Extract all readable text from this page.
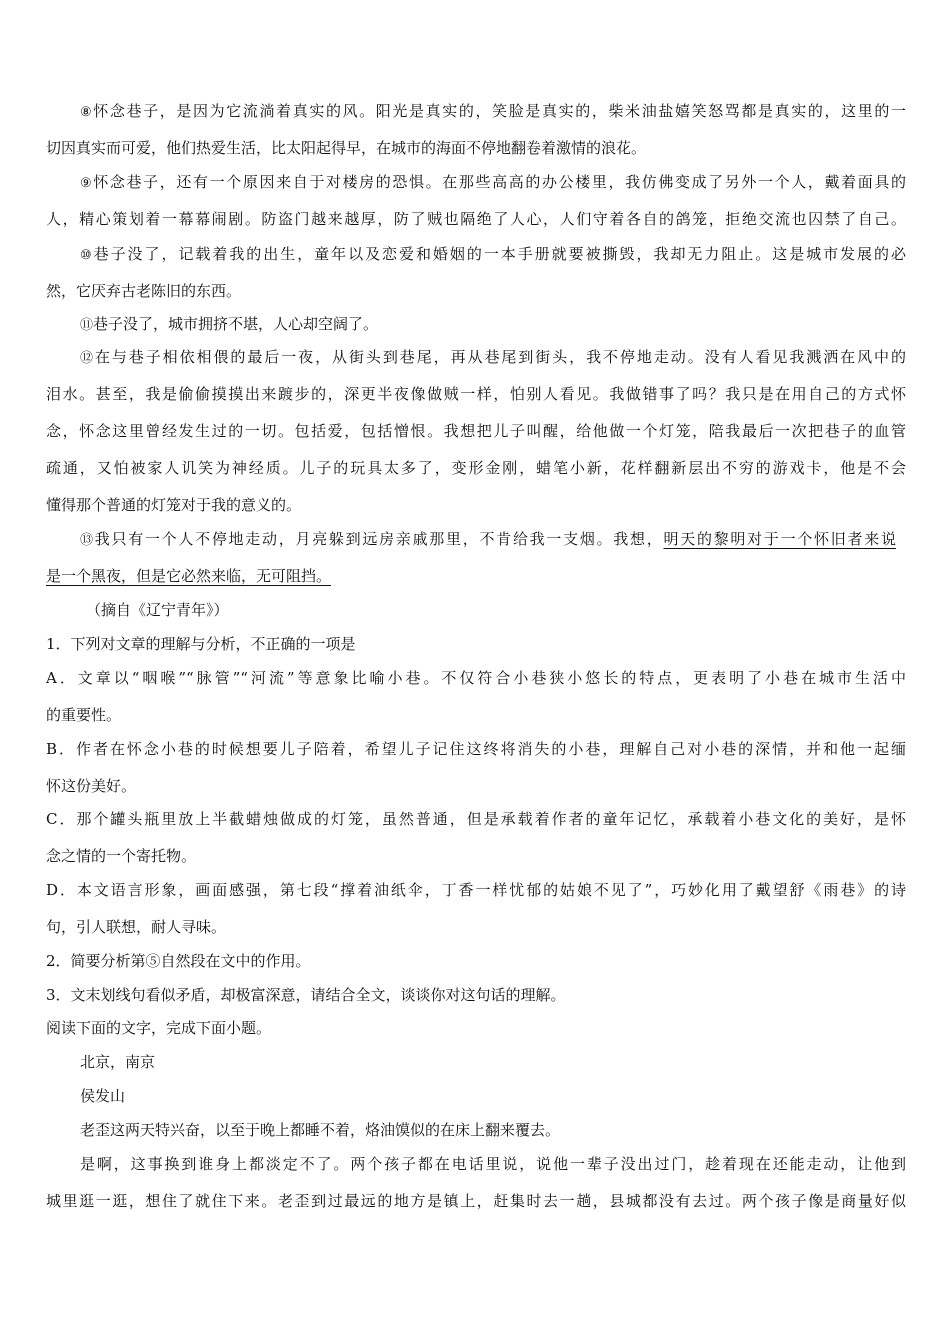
⑧怀念巷子，是因为它流淌着真实的风。阳光是真实的，笑脸是真实的，柴米油盐嬉笑怒骂都是真实的，这里的一
切因真实而可爱，他们热爱生活，比太阳起得早，在城市的海面不停地翻卷着激情的浪花。
⑨怀念巷子，还有一个原因来自于对楼房的恐惧。在那些高高的办公楼里，我仿佛变成了另外一个人，戴着面具的
人，精心策划着一幕幕闹剧。防盗门越来越厚，防了贼也隔绝了人心，人们守着各自的鸽笼，拒绝交流也囚禁了自己。
⑩巷子没了，记载着我的出生，童年以及恋爱和婚姻的一本手册就要被撕毁，我却无力阻止。这是城市发展的必
然，它厌弃古老陈旧的东西。
⑪巷子没了，城市拥挤不堪，人心却空阔了。
⑫在与巷子相依相偎的最后一夜，从街头到巷尾，再从巷尾到街头，我不停地走动。没有人看见我溅洒在风中的
泪水。甚至，我是偷偷摸摸出来踱步的，深更半夜像做贼一样，怕别人看见。我做错事了吗？我只是在用自己的方式怀
念，怀念这里曾经发生过的一切。包括爱，包括憎恨。我想把儿子叫醒，给他做一个灯笼，陪我最后一次把巷子的血管
疏通，又怕被家人讥笑为神经质。儿子的玩具太多了，变形金刚，蜡笔小新，花样翻新层出不穷的游戏卡，他是不会
懂得那个普通的灯笼对于我的意义的。
⑬我只有一个人不停地走动，月亮躲到远房亲戚那里，不肯给我一支烟。我想，明天的黎明对于一个怀旧者来说
是一个黑夜，但是它必然来临，无可阻挡。
（摘自《辽宁青年》）
1．下列对文章的理解与分析，不正确的一项是
A．文章以“咽喉”“脉管”“河流”等意象比喻小巷。不仅符合小巷狭小悠长的特点，更表明了小巷在城市生活中
的重要性。
B．作者在怀念小巷的时候想要儿子陪着，希望儿子记住这终将消失的小巷，理解自己对小巷的深情，并和他一起缅
怀这份美好。
C．那个罐头瓶里放上半截蜡烛做成的灯笼，虽然普通，但是承载着作者的童年记忆，承载着小巷文化的美好，是怀
念之情的一个寄托物。
D．本文语言形象，画面感强，第七段“撑着油纸伞，丁香一样忧郁的姑娘不见了”，巧妙化用了戴望舒《雨巷》的诗
句，引人联想，耐人寻味。
2．简要分析第⑤自然段在文中的作用。
3．文末划线句看似矛盾，却极富深意，请结合全文，谈谈你对这句话的理解。
阅读下面的文字，完成下面小题。
北京，南京
侯发山
老歪这两天特兴奋，以至于晚上都睡不着，烙油馍似的在床上翻来覆去。
是啊，这事换到谁身上都淡定不了。两个孩子都在电话里说，说他一辈子没出过门，趁着现在还能走动，让他到
城里逛一逛，想住了就住下来。老歪到过最远的地方是镇上，赶集时去一趟，县城都没有去过。两个孩子像是商量好似
